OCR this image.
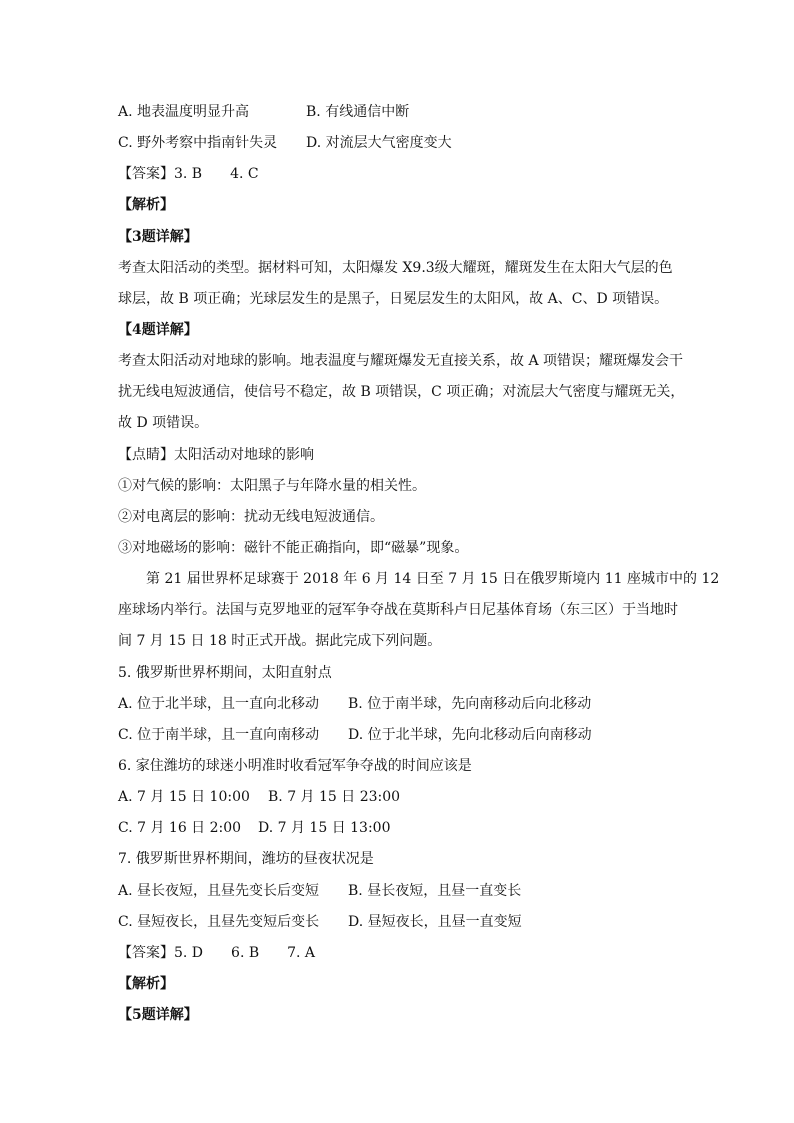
A. 地表温度明显升高	B. 有线通信中断
C. 野外考察中指南针失灵 D. 对流层大气密度变大
【答案】3. B　　4. C
【解析】
【3题详解】
考查太阳活动的类型。据材料可知，太阳爆发 X9.3级大耀斑，耀斑发生在太阳大气层的色
球层，故 B 项正确；光球层发生的是黑子，日冕层发生的太阳风，故 A、C、D 项错误。
【4题详解】
考查太阳活动对地球的影响。地表温度与耀斑爆发无直接关系，故 A 项错误；耀斑爆发会干
扰无线电短波通信，使信号不稳定，故 B 项错误，C 项正确；对流层大气密度与耀斑无关，
故 D 项错误。
【点睛】太阳活动对地球的影响
①对气候的影响：太阳黑子与年降水量的相关性。
②对电离层的影响：扰动无线电短波通信。
③对地磁场的影响：磁针不能正确指向，即“磁暴”现象。
第 21 届世界杯足球赛于 2018 年 6 月 14 日至 7 月 15 日在俄罗斯境内 11 座城市中的 12
座球场内举行。法国与克罗地亚的冠军争夺战在莫斯科卢日尼基体育场（东三区）于当地时
间 7 月 15 日 18 时正式开战。据此完成下列问题。
5. 俄罗斯世界杯期间，太阳直射点
A. 位于北半球，且一直向北移动 B. 位于南半球，先向南移动后向北移动
C. 位于南半球，且一直向南移动 D. 位于北半球，先向北移动后向南移动
6. 家住潍坊的球迷小明准时收看冠军争夺战的时间应该是
A. 7 月 15 日 10:00 B. 7 月 15 日 23:00
C. 7 月 16 日 2:00 D. 7 月 15 日 13:00
7. 俄罗斯世界杯期间，潍坊的昼夜状况是
A. 昼长夜短，且昼先变长后变短 B. 昼长夜短，且昼一直变长
C. 昼短夜长，且昼先变短后变长 D. 昼短夜长，且昼一直变短
【答案】5. D　　6. B　　7. A
【解析】
【5题详解】
